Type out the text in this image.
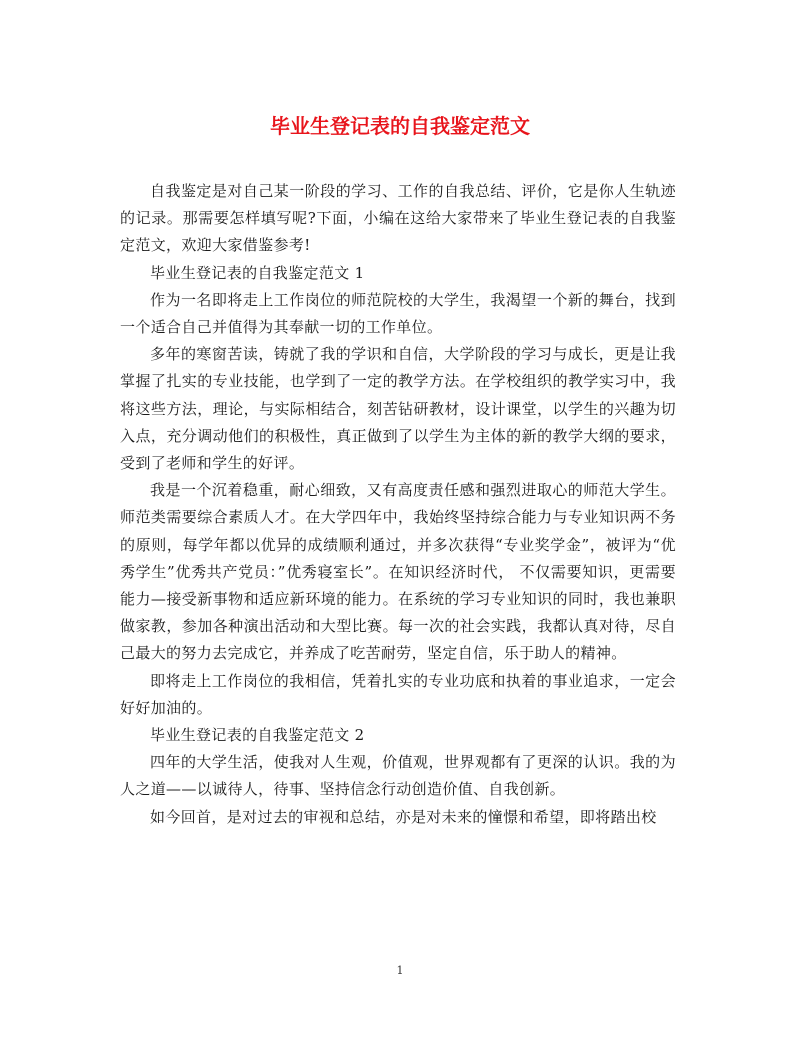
毕业生登记表的自我鉴定范文

自我鉴定是对自己某一阶段的学习、工作的自我总结、评价，它是你人生轨迹的记录。那需要怎样填写呢?下面，小编在这给大家带来了毕业生登记表的自我鉴定范文，欢迎大家借鉴参考!

毕业生登记表的自我鉴定范文 1

作为一名即将走上工作岗位的师范院校的大学生，我渴望一个新的舞台，找到一个适合自己并值得为其奉献一切的工作单位。

多年的寒窗苦读，铸就了我的学识和自信，大学阶段的学习与成长，更是让我掌握了扎实的专业技能，也学到了一定的教学方法。在学校组织的教学实习中，我将这些方法，理论，与实际相结合，刻苦钻研教材，设计课堂，以学生的兴趣为切入点，充分调动他们的积极性，真正做到了以学生为主体的新的教学大纲的要求，受到了老师和学生的好评。

我是一个沉着稳重，耐心细致，又有高度责任感和强烈进取心的师范大学生。师范类需要综合素质人才。在大学四年中，我始终坚持综合能力与专业知识两不务的原则，每学年都以优异的成绩顺利通过，并多次获得“专业奖学金”，被评为“优秀学生”优秀共产党员：”优秀寝室长”。在知识经济时代， 不仅需要知识，更需要能力—接受新事物和适应新环境的能力。在系统的学习专业知识的同时，我也兼职做家教，参加各种演出活动和大型比赛。每一次的社会实践，我都认真对待，尽自己最大的努力去完成它，并养成了吃苦耐劳，坚定自信，乐于助人的精神。

即将走上工作岗位的我相信，凭着扎实的专业功底和执着的事业追求，一定会好好加油的。

毕业生登记表的自我鉴定范文 2

四年的大学生活，使我对人生观，价值观，世界观都有了更深的认识。我的为人之道——以诚待人，待事、坚持信念行动创造价值、自我创新。

如今回首，是对过去的审视和总结，亦是对未来的憧憬和希望，即将踏出校

1
